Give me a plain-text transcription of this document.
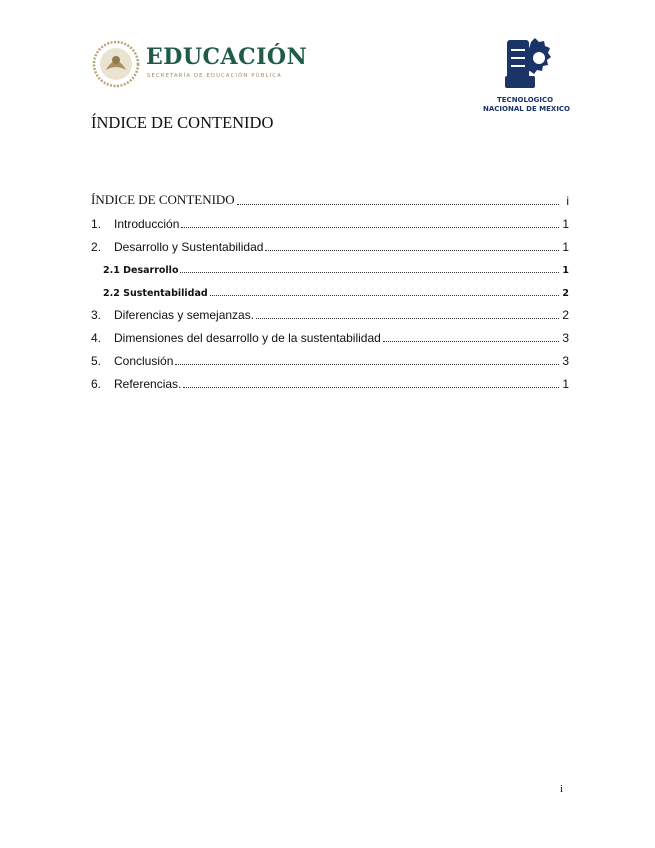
EDUCACIÓN
SECRETARÍA DE EDUCACIÓN PÚBLICA
TECNOLOGICO
NACIONAL DE MEXICO
ÍNDICE DE CONTENIDO
ÍNDICE DE CONTENIDO	i
1.	Introducción	1
2.	Desarrollo y Sustentabilidad	1
2.1 Desarrollo	1
2.2 Sustentabilidad	2
3.	Diferencias y semejanzas.	2
4.	Dimensiones del desarrollo y de la sustentabilidad	3
5.	Conclusión	3
6.	Referencias.	1
i
